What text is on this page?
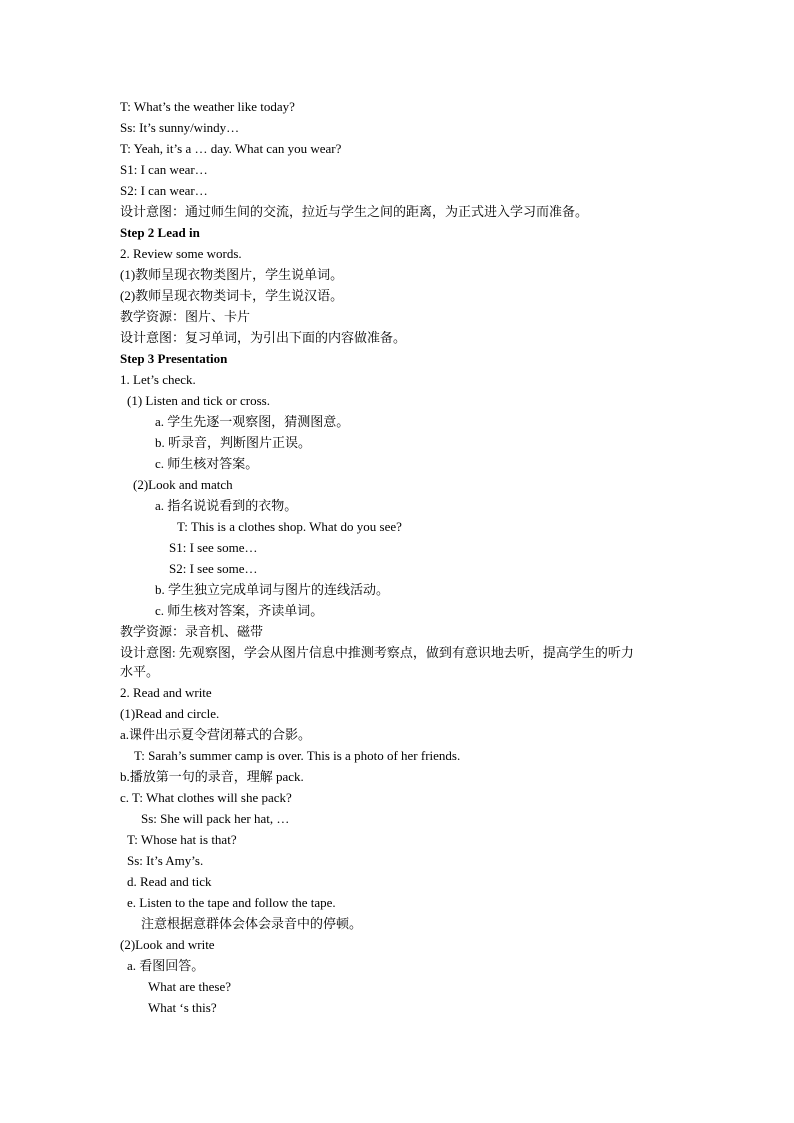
T: What’s the weather like today?
Ss: It’s sunny/windy…
T: Yeah, it’s a … day. What can you wear?
S1: I can wear…
S2: I can wear…
设计意图：通过师生间的交流，拉近与学生之间的距离，为正式进入学习而准备。
Step 2 Lead in
2. Review some words.
(1)教师呈现衣物类图片，学生说单词。
(2)教师呈现衣物类词卡，学生说汉语。
教学资源：图片、卡片
设计意图：复习单词，为引出下面的内容做准备。
Step 3 Presentation
1. Let’s check.
(1) Listen and tick or cross.
a. 学生先逐一观察图，猜测图意。
b. 听录音，判断图片正误。
c. 师生核对答案。
(2)Look and match
a. 指名说说看到的衣物。
T: This is a clothes shop. What do you see?
S1: I see some…
S2: I see some…
b. 学生独立完成单词与图片的连线活动。
c. 师生核对答案，齐读单词。
教学资源：录音机、磁带
设计意图: 先观察图，学会从图片信息中推测考察点，做到有意识地去听，提高学生的听力
水平。
2. Read and write
(1)Read and circle.
a.课件出示夏令营闭幕式的合影。
T: Sarah’s summer camp is over. This is a photo of her friends.
b.播放第一句的录音，理解 pack.
c. T: What clothes will she pack?
Ss: She will pack her hat, …
T: Whose hat is that?
Ss: It’s Amy’s.
d. Read and tick
e. Listen to the tape and follow the tape.
注意根据意群体会体会录音中的停顿。
(2)Look and write
a. 看图回答。
What are these?
What ‘s this?
